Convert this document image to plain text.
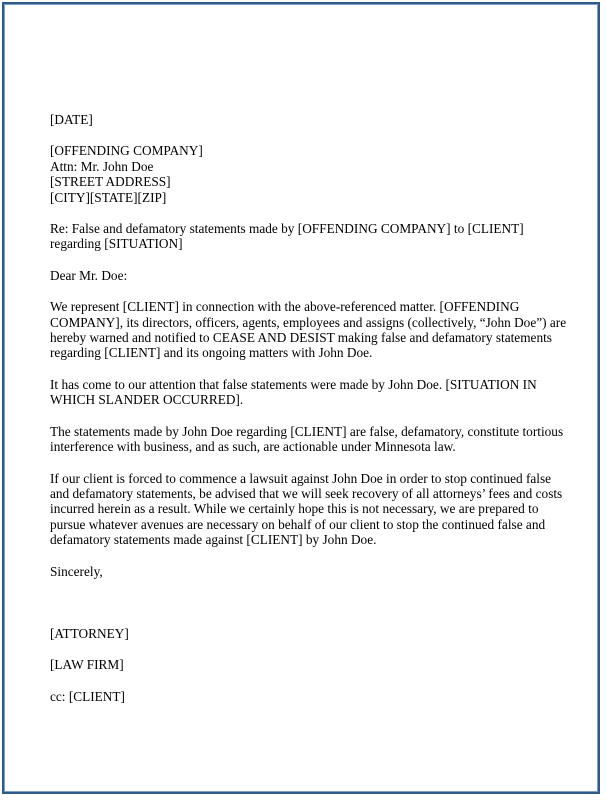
[DATE]
[OFFENDING COMPANY]
Attn: Mr. John Doe
[STREET ADDRESS]
[CITY][STATE][ZIP]
Re: False and defamatory statements made by [OFFENDING COMPANY] to [CLIENT]
regarding [SITUATION]
Dear Mr. Doe:
We represent [CLIENT] in connection with the above-referenced matter. [OFFENDING
COMPANY], its directors, officers, agents, employees and assigns (collectively, “John Doe”) are
hereby warned and notified to CEASE AND DESIST making false and defamatory statements
regarding [CLIENT] and its ongoing matters with John Doe.
It has come to our attention that false statements were made by John Doe. [SITUATION IN
WHICH SLANDER OCCURRED].
The statements made by John Doe regarding [CLIENT] are false, defamatory, constitute tortious
interference with business, and as such, are actionable under Minnesota law.
If our client is forced to commence a lawsuit against John Doe in order to stop continued false
and defamatory statements, be advised that we will seek recovery of all attorneys’ fees and costs
incurred herein as a result. While we certainly hope this is not necessary, we are prepared to
pursue whatever avenues are necessary on behalf of our client to stop the continued false and
defamatory statements made against [CLIENT] by John Doe.
Sincerely,
[ATTORNEY]
[LAW FIRM]
cc: [CLIENT]
